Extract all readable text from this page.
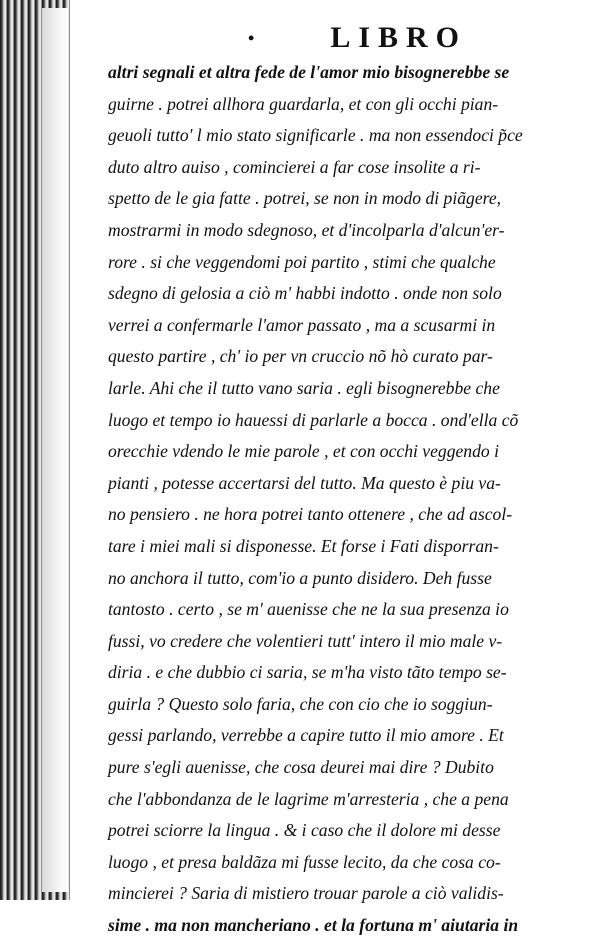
•	LIBRO
altri segnali et altra fede de l'amor mio bisognerebbe se
guirne . potrei allhora guardarla, et con gli occhi pian-
geuoli tutto' l mio stato significarle . ma non essendoci p̃ce
duto altro auiso , comincierei a far cose insolite a ri-
spetto de le gia fatte . potrei, se non in modo di piãgere,
mostrarmi in modo sdegnoso, et d'incolparla d'alcun'er-
rore . si che veggendomi poi partito , stimi che qualche
sdegno di gelosia a ciò m' habbi indotto . onde non solo
verrei a confermarle l'amor passato , ma a scusarmi in
questo partire , ch' io per vn cruccio nõ hò curato par-
larle. Ahi che il tutto vano saria . egli bisognerebbe che
luogo et tempo io hauessi di parlarle a bocca . ond'ella cõ
orecchie vdendo le mie parole , et con occhi veggendo i
pianti , potesse accertarsi del tutto. Ma questo è piu va-
no pensiero . ne hora potrei tanto ottenere , che ad ascol-
tare i miei mali si disponesse. Et forse i Fati disporran-
no anchora il tutto, com'io a punto disidero. Deh fusse
tantosto . certo , se m' auenisse che ne la sua presenza io
fussi, vo credere che volentieri tutt' intero il mio male v-
diria . e che dubbio ci saria, se m'ha visto tãto tempo se-
guirla ? Questo solo faria, che con cio che io soggiun-
gessi parlando, verrebbe a capire tutto il mio amore . Et
pure s'egli auenisse, che cosa deurei mai dire ? Dubito
che l'abbondanza de le lagrime m'arresteria , che a pena
potrei sciorre la lingua . & i caso che il dolore mi desse
luogo , et presa baldãza mi fusse lecito, da che cosa co-
mincierei ? Saria di mistiero trouar parole a ciò validis-
sime . ma non mancheriano . et la fortuna m' aiutaria in
